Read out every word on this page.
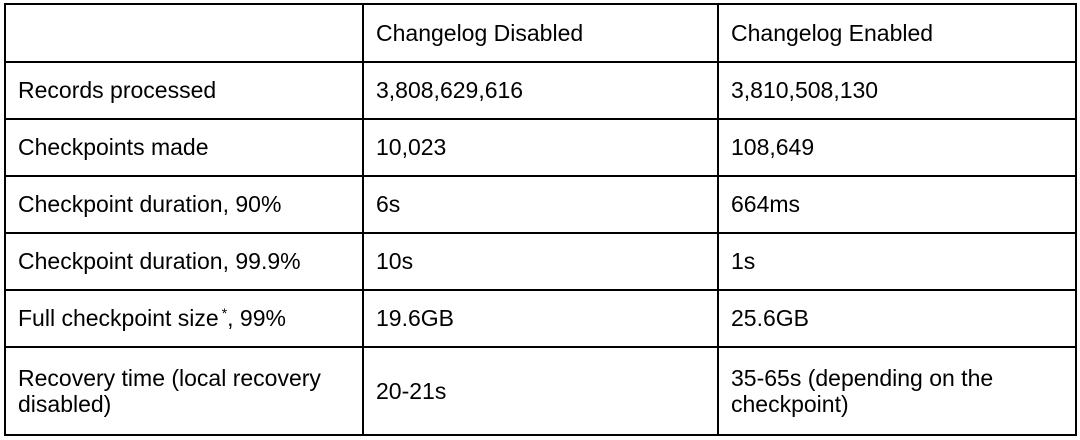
	Changelog Disabled	Changelog Enabled
Records processed	3,808,629,616	3,810,508,130
Checkpoints made	10,023	108,649
Checkpoint duration, 90%	6s	664ms
Checkpoint duration, 99.9%	10s	1s
Full checkpoint size *, 99%	19.6GB	25.6GB
Recovery time (local recovery disabled)	20-21s	35-65s (depending on the checkpoint)
